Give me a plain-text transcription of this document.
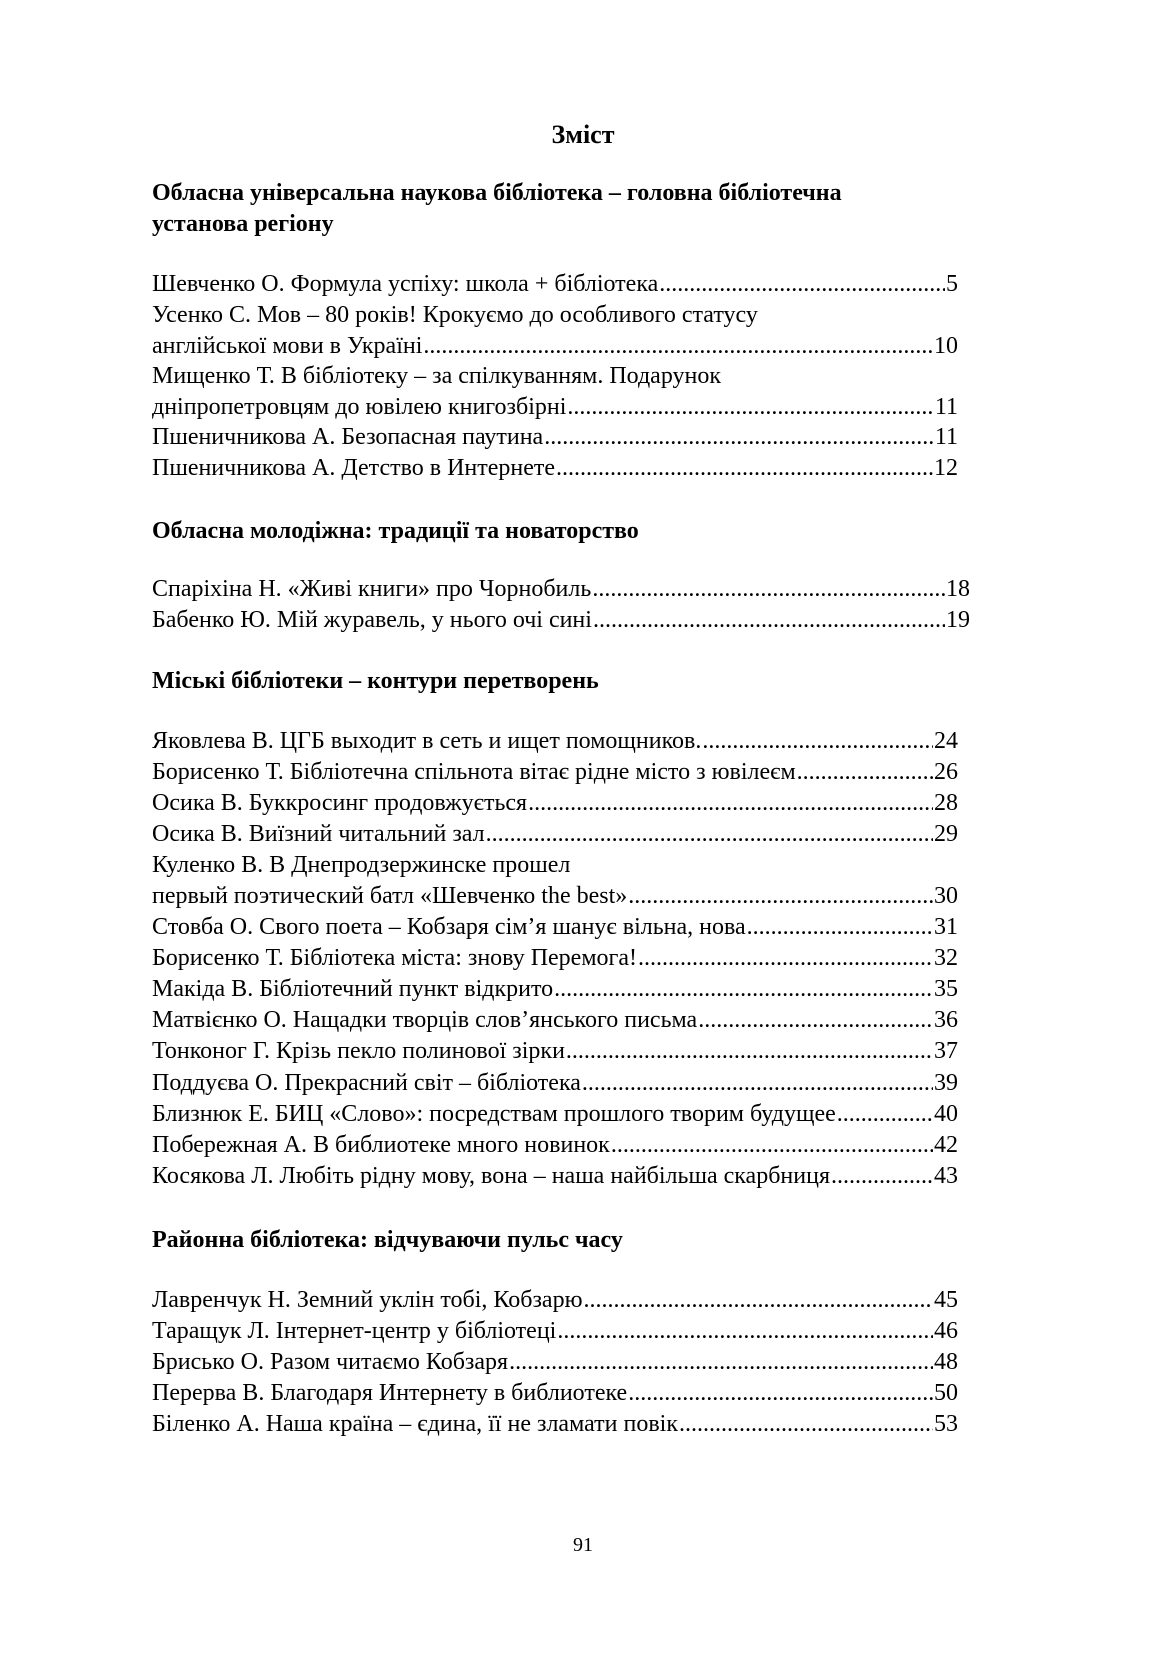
Зміст
Обласна універсальна наукова бібліотека – головна бібліотечна
установа регіону
Шевченко О. Формула успіху: школа + бібліотека .....	5
Усенко С. Мов – 80 років! Крокуємо до особливого статусу
англійської мови в Україні .....	10
Мищенко Т. В бібліотеку – за спілкуванням. Подарунок
дніпропетровцям до ювілею книгозбірні .....	11
Пшеничникова А. Безопасная паутина .....	11
Пшеничникова А. Детство в Интернете .....	12
Обласна молодіжна: традиції та новаторство
Спаріхіна Н. «Живі книги» про Чорнобиль .....	18
Бабенко Ю. Мій журавель, у нього очі сині .....	19
Міські бібліотеки – контури перетворень
Яковлева В. ЦГБ выходит в сеть и ищет помощников. .....	24
Борисенко Т. Бібліотечна спільнота вітає рідне місто з ювілеєм .....	26
Осика В. Буккросинг продовжується .....	28
Осика В. Виїзний читальний зал .....	29
Куленко В. В Днепродзержинске прошел
первый поэтический батл «Шевченко the best» .....	30
Стовба О. Свого поета – Кобзаря сім’я шанує вільна, нова .....	31
Борисенко Т. Бібліотека міста: знову Перемога! .....	32
Макіда В. Бібліотечний пункт відкрито .....	35
Матвієнко О. Нащадки творців слов’янського письма .....	36
Тонконог Г. Крізь пекло полинової зірки .....	37
Поддуєва О. Прекрасний світ – бібліотека .....	39
Близнюк Е. БИЦ «Слово»: посредствам прошлого творим будущее .....	40
Побережная А. В библиотеке много новинок .....	42
Косякова Л. Любіть рідну мову, вона – наша найбільша скарбниця .....	43
Районна бібліотека: відчуваючи пульс часу
Лавренчук Н. Земний уклін тобі, Кобзарю .....	45
Таращук Л. Інтернет-центр у бібліотеці .....	46
Брисько О. Разом читаємо Кобзаря .....	48
Перерва В. Благодаря Интернету в библиотеке .....	50
Біленко А. Наша країна – єдина, її не зламати повік .....	53
91
